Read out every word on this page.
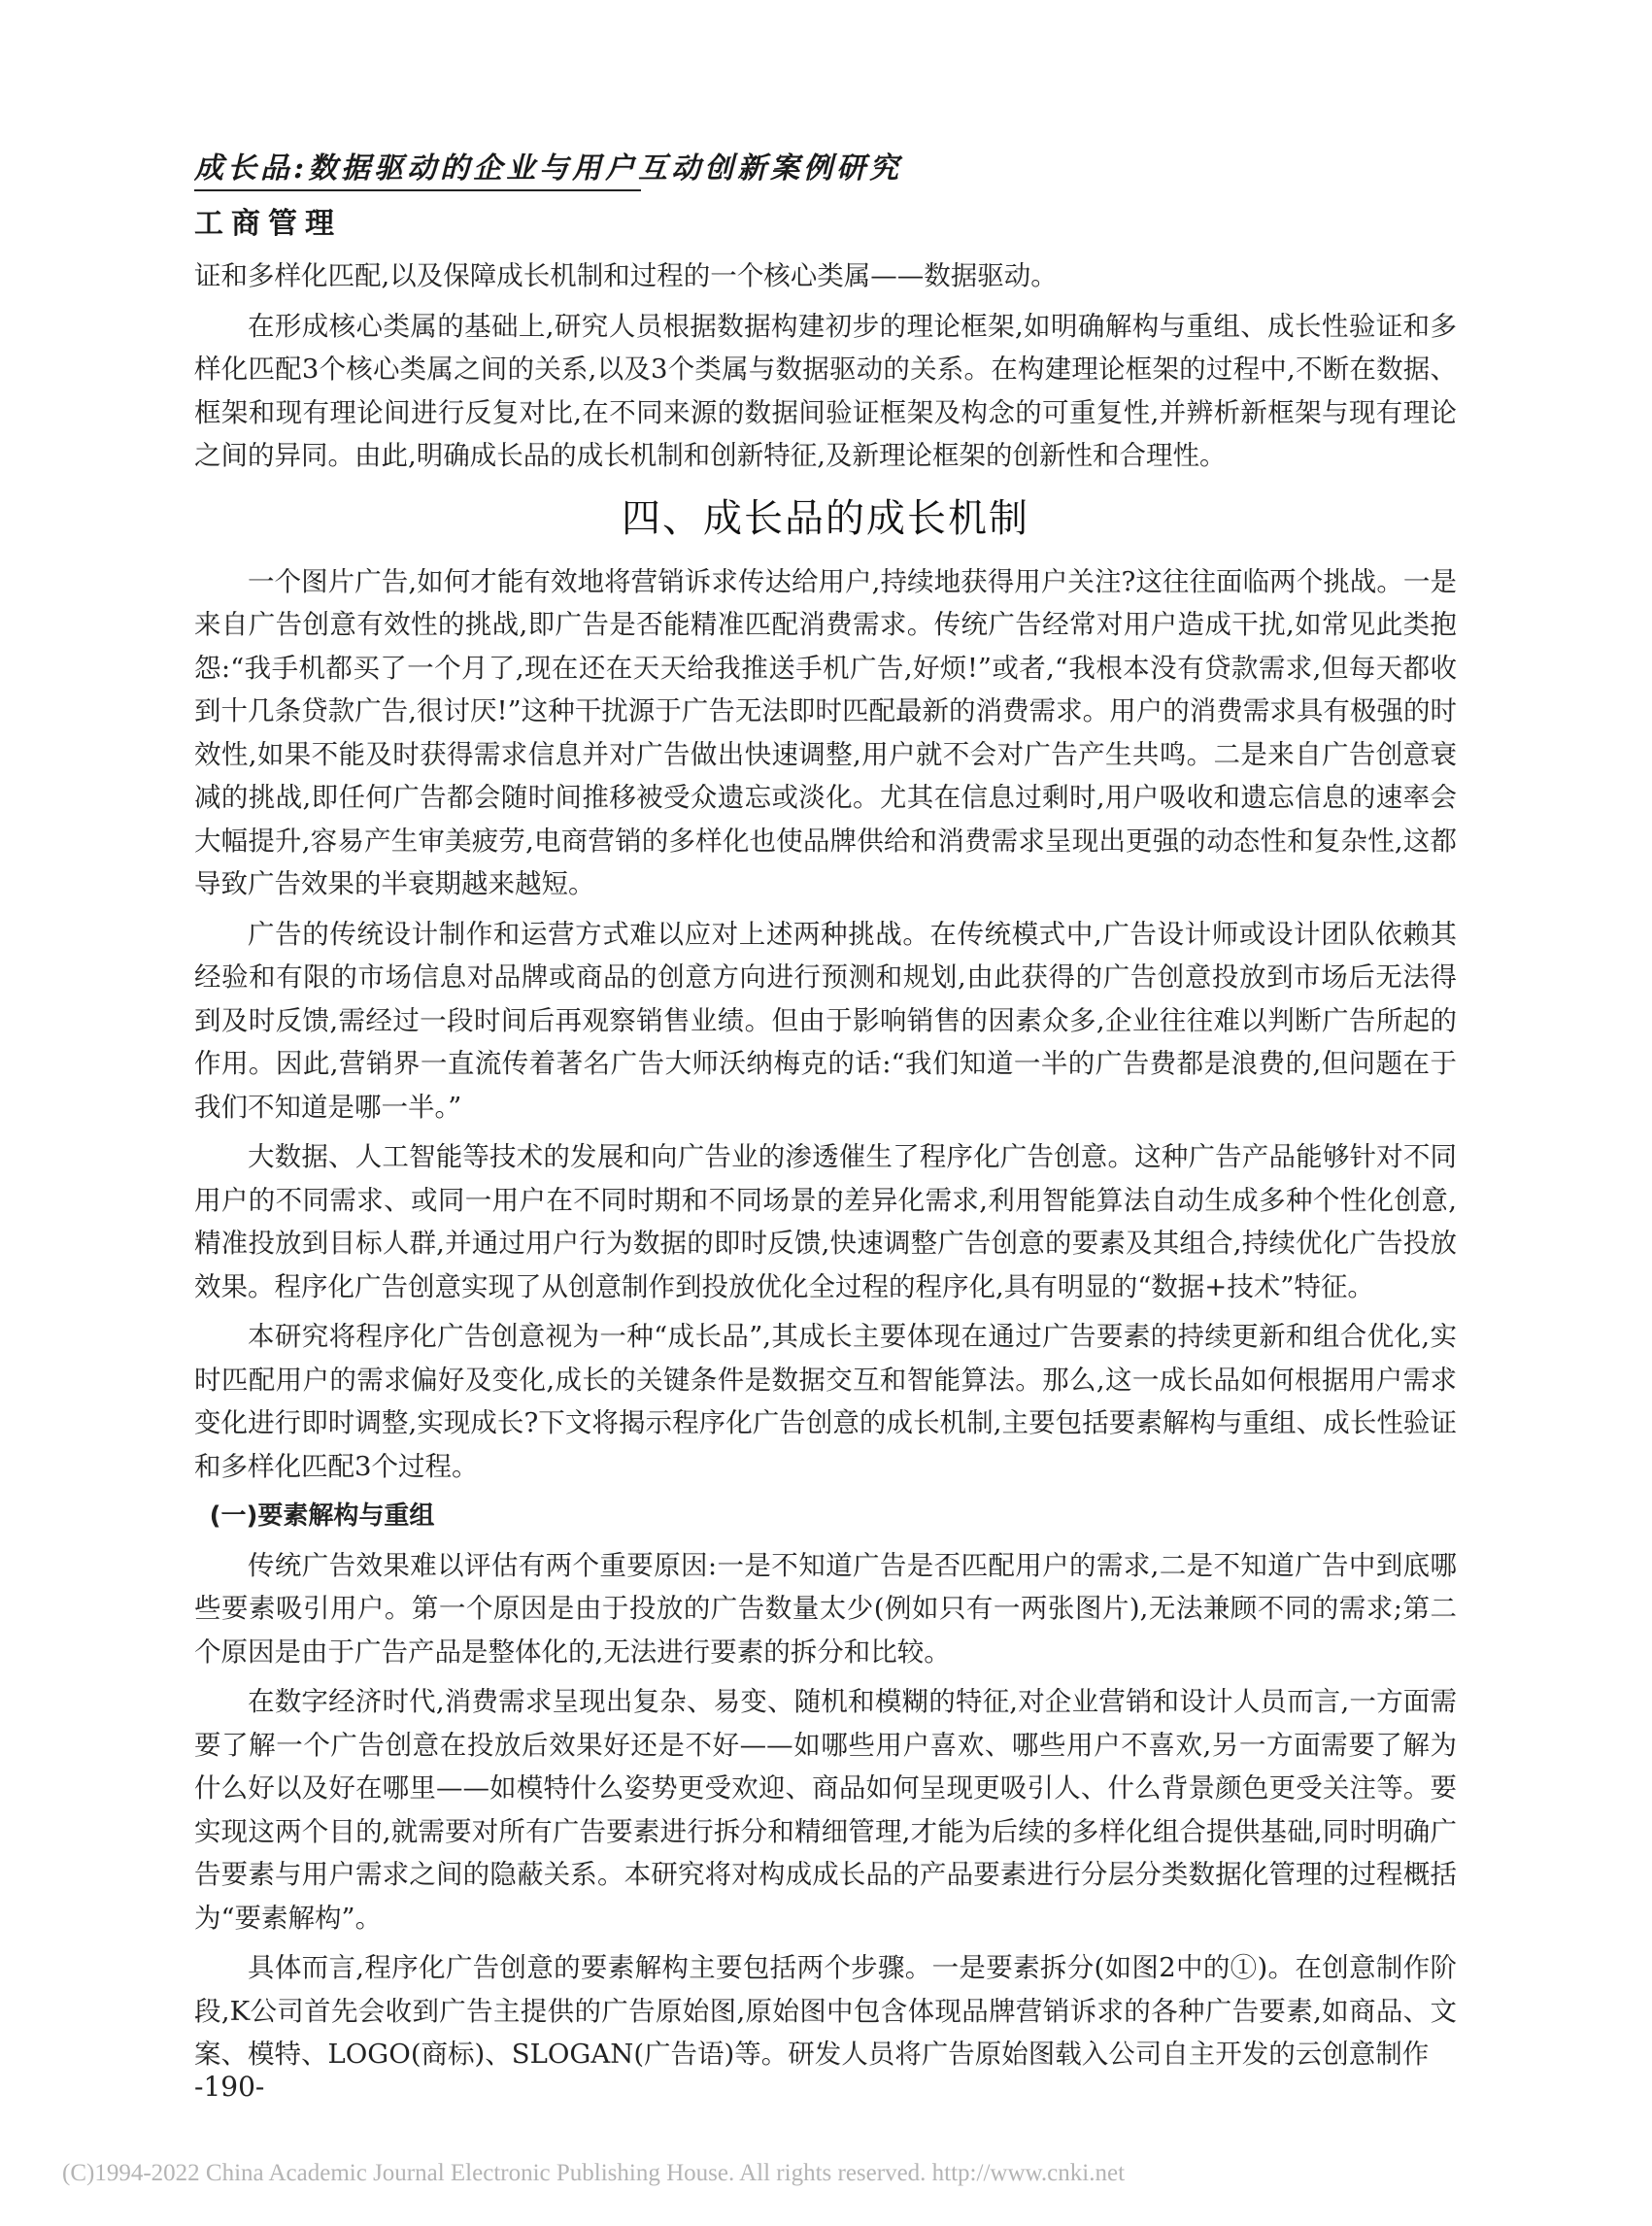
成长品:数据驱动的企业与用户互动创新案例研究
工商管理

证和多样化匹配,以及保障成长机制和过程的一个核心类属——数据驱动。

在形成核心类属的基础上,研究人员根据数据构建初步的理论框架,如明确解构与重组、成长性验证和多样化匹配3个核心类属之间的关系,以及3个类属与数据驱动的关系。在构建理论框架的过程中,不断在数据、框架和现有理论间进行反复对比,在不同来源的数据间验证框架及构念的可重复性,并辨析新框架与现有理论之间的异同。由此,明确成长品的成长机制和创新特征,及新理论框架的创新性和合理性。

四、成长品的成长机制

一个图片广告,如何才能有效地将营销诉求传达给用户,持续地获得用户关注?这往往面临两个挑战。一是来自广告创意有效性的挑战,即广告是否能精准匹配消费需求。传统广告经常对用户造成干扰,如常见此类抱怨:“我手机都买了一个月了,现在还在天天给我推送手机广告,好烦!”或者,“我根本没有贷款需求,但每天都收到十几条贷款广告,很讨厌!”这种干扰源于广告无法即时匹配最新的消费需求。用户的消费需求具有极强的时效性,如果不能及时获得需求信息并对广告做出快速调整,用户就不会对广告产生共鸣。二是来自广告创意衰减的挑战,即任何广告都会随时间推移被受众遗忘或淡化。尤其在信息过剩时,用户吸收和遗忘信息的速率会大幅提升,容易产生审美疲劳,电商营销的多样化也使品牌供给和消费需求呈现出更强的动态性和复杂性,这都导致广告效果的半衰期越来越短。

广告的传统设计制作和运营方式难以应对上述两种挑战。在传统模式中,广告设计师或设计团队依赖其经验和有限的市场信息对品牌或商品的创意方向进行预测和规划,由此获得的广告创意投放到市场后无法得到及时反馈,需经过一段时间后再观察销售业绩。但由于影响销售的因素众多,企业往往难以判断广告所起的作用。因此,营销界一直流传着著名广告大师沃纳梅克的话:“我们知道一半的广告费都是浪费的,但问题在于我们不知道是哪一半。”

大数据、人工智能等技术的发展和向广告业的渗透催生了程序化广告创意。这种广告产品能够针对不同用户的不同需求、或同一用户在不同时期和不同场景的差异化需求,利用智能算法自动生成多种个性化创意,精准投放到目标人群,并通过用户行为数据的即时反馈,快速调整广告创意的要素及其组合,持续优化广告投放效果。程序化广告创意实现了从创意制作到投放优化全过程的程序化,具有明显的“数据+技术”特征。

本研究将程序化广告创意视为一种“成长品”,其成长主要体现在通过广告要素的持续更新和组合优化,实时匹配用户的需求偏好及变化,成长的关键条件是数据交互和智能算法。那么,这一成长品如何根据用户需求变化进行即时调整,实现成长?下文将揭示程序化广告创意的成长机制,主要包括要素解构与重组、成长性验证和多样化匹配3个过程。

(一)要素解构与重组

传统广告效果难以评估有两个重要原因:一是不知道广告是否匹配用户的需求,二是不知道广告中到底哪些要素吸引用户。第一个原因是由于投放的广告数量太少(例如只有一两张图片),无法兼顾不同的需求;第二个原因是由于广告产品是整体化的,无法进行要素的拆分和比较。

在数字经济时代,消费需求呈现出复杂、易变、随机和模糊的特征,对企业营销和设计人员而言,一方面需要了解一个广告创意在投放后效果好还是不好——如哪些用户喜欢、哪些用户不喜欢,另一方面需要了解为什么好以及好在哪里——如模特什么姿势更受欢迎、商品如何呈现更吸引人、什么背景颜色更受关注等。要实现这两个目的,就需要对所有广告要素进行拆分和精细管理,才能为后续的多样化组合提供基础,同时明确广告要素与用户需求之间的隐蔽关系。本研究将对构成成长品的产品要素进行分层分类数据化管理的过程概括为“要素解构”。

具体而言,程序化广告创意的要素解构主要包括两个步骤。一是要素拆分(如图2中的①)。在创意制作阶段,K公司首先会收到广告主提供的广告原始图,原始图中包含体现品牌营销诉求的各种广告要素,如商品、文案、模特、LOGO(商标)、SLOGAN(广告语)等。研发人员将广告原始图载入公司自主开发的云创意制作

-190-
(C)1994-2022 China Academic Journal Electronic Publishing House. All rights reserved. http://www.cnki.net
